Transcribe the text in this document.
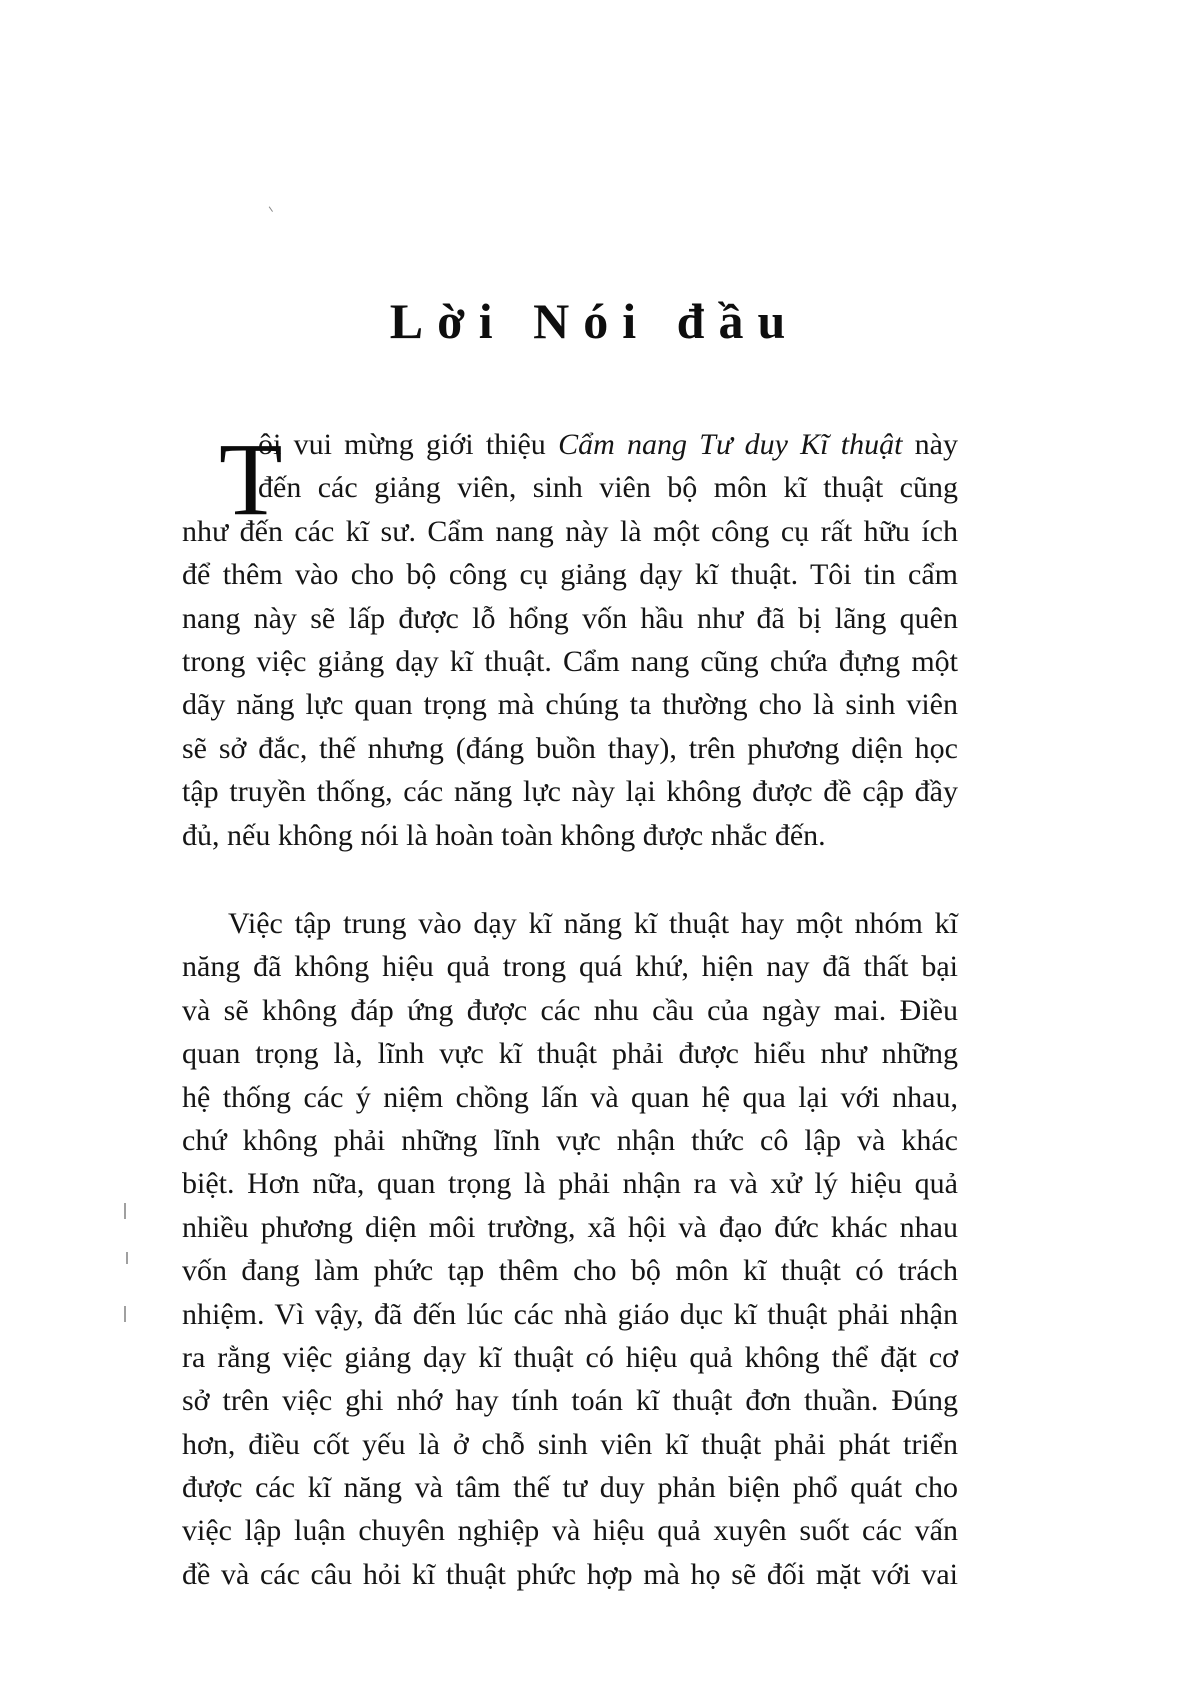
Lời Nói đầu
T
ôi vui mừng giới thiệu Cẩm nang Tư duy Kĩ thuật này
đến các giảng viên, sinh viên bộ môn kĩ thuật cũng
như đến các kĩ sư. Cẩm nang này là một công cụ rất hữu ích
để thêm vào cho bộ công cụ giảng dạy kĩ thuật. Tôi tin cẩm
nang này sẽ lấp được lỗ hổng vốn hầu như đã bị lãng quên
trong việc giảng dạy kĩ thuật. Cẩm nang cũng chứa đựng một
dãy năng lực quan trọng mà chúng ta thường cho là sinh viên
sẽ sở đắc, thế nhưng (đáng buồn thay), trên phương diện học
tập truyền thống, các năng lực này lại không được đề cập đầy
đủ, nếu không nói là hoàn toàn không được nhắc đến.
Việc tập trung vào dạy kĩ năng kĩ thuật hay một nhóm kĩ
năng đã không hiệu quả trong quá khứ, hiện nay đã thất bại
và sẽ không đáp ứng được các nhu cầu của ngày mai. Điều
quan trọng là, lĩnh vực kĩ thuật phải được hiểu như những
hệ thống các ý niệm chồng lấn và quan hệ qua lại với nhau,
chứ không phải những lĩnh vực nhận thức cô lập và khác
biệt. Hơn nữa, quan trọng là phải nhận ra và xử lý hiệu quả
nhiều phương diện môi trường, xã hội và đạo đức khác nhau
vốn đang làm phức tạp thêm cho bộ môn kĩ thuật có trách
nhiệm. Vì vậy, đã đến lúc các nhà giáo dục kĩ thuật phải nhận
ra rằng việc giảng dạy kĩ thuật có hiệu quả không thể đặt cơ
sở trên việc ghi nhớ hay tính toán kĩ thuật đơn thuần. Đúng
hơn, điều cốt yếu là ở chỗ sinh viên kĩ thuật phải phát triển
được các kĩ năng và tâm thế tư duy phản biện phổ quát cho
việc lập luận chuyên nghiệp và hiệu quả xuyên suốt các vấn
đề và các câu hỏi kĩ thuật phức hợp mà họ sẽ đối mặt với vai
